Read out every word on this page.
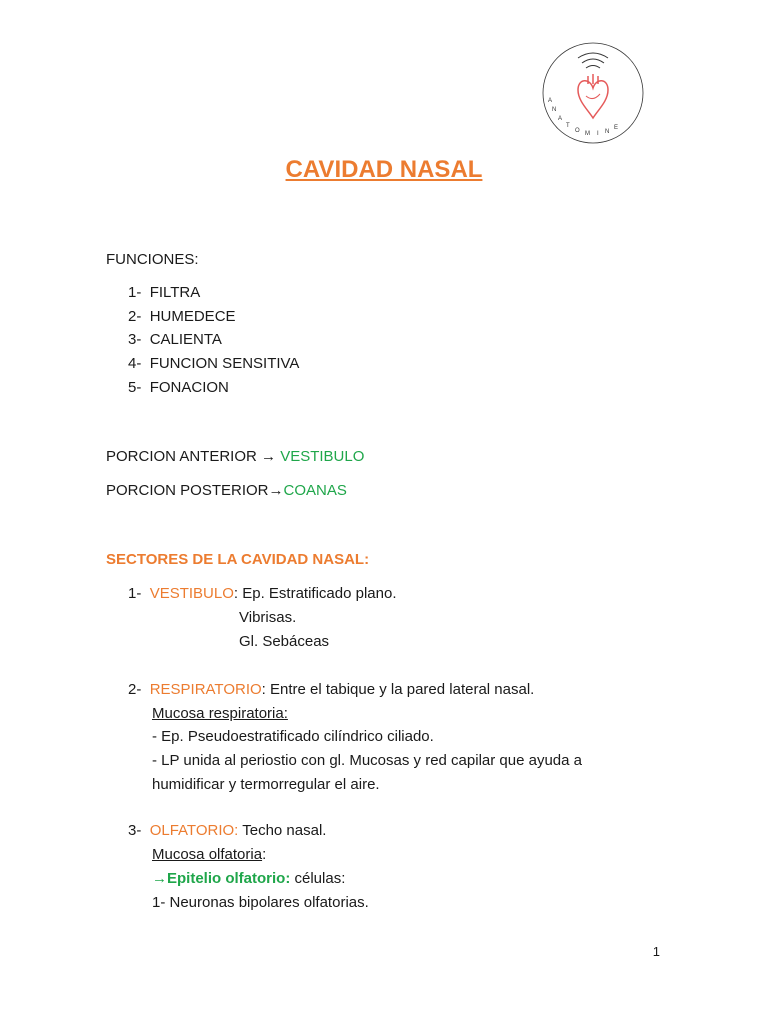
A
N
A
T
O M I N
E
CAVIDAD NASAL
FUNCIONES:
1- FILTRA
2- HUMEDECE
3- CALIENTA
4- FUNCION SENSITIVA
5- FONACION
PORCION ANTERIOR → VESTIBULO
PORCION POSTERIOR→COANAS
SECTORES DE LA CAVIDAD NASAL:
1- VESTIBULO: Ep. Estratificado plano.
Vibrisas.
Gl. Sebáceas
2- RESPIRATORIO: Entre el tabique y la pared lateral nasal.
Mucosa respiratoria:
- Ep. Pseudoestratificado cilíndrico ciliado.
- LP unida al periostio con gl. Mucosas y red capilar que ayuda a
humidificar y termorregular el aire.
3- OLFATORIO: Techo nasal.
Mucosa olfatoria:
→Epitelio olfatorio: células:
1- Neuronas bipolares olfatorias.
1
